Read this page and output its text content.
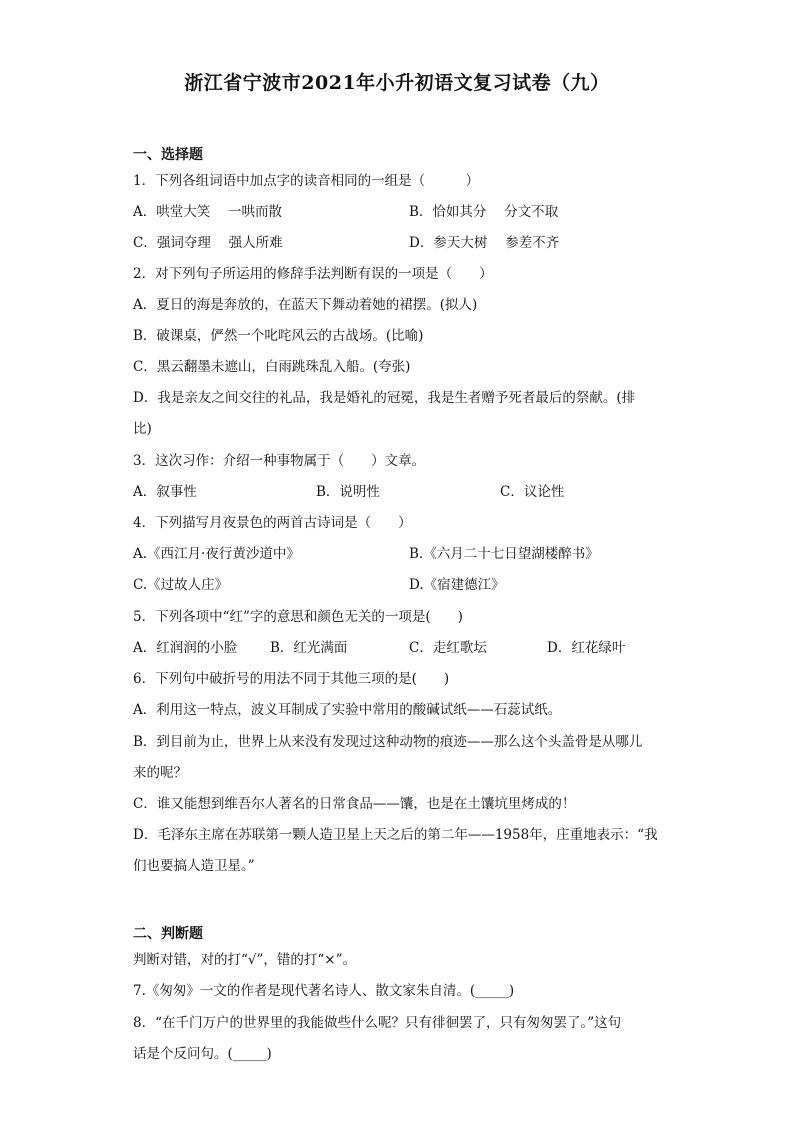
浙江省宁波市2021年小升初语文复习试卷（九）
一、选择题
1．下列各组词语中加点字的读音相同的一组是（　　　）
A．哄堂大笑　 一哄而散	B．恰如其分　 分文不取
C．强词夺理　 强人所难	D．参天大树　 参差不齐
2．对下列句子所运用的修辞手法判断有误的一项是（　　）
A．夏日的海是奔放的，在蓝天下舞动着她的裙摆。(拟人)
B．破课桌，俨然一个叱咤风云的古战场。(比喻)
C．黑云翻墨未遮山，白雨跳珠乱入船。(夸张)
D．我是亲友之间交往的礼品，我是婚礼的冠冕，我是生者赠予死者最后的祭献。(排
比)
3．这次习作：介绍一种事物属于（　　）文章。
A．叙事性	B．说明性	C．议论性
4．下列描写月夜景色的两首古诗词是（　　）
A.《西江月·夜行黄沙道中》	B.《六月二十七日望湖楼醉书》
C.《过故人庄》	D.《宿建德江》
5．下列各项中“红”字的意思和颜色无关的一项是(　　)
A．红润润的小脸 B．红光满面	C．走红歌坛	D．红花绿叶
6．下列句中破折号的用法不同于其他三项的是(　　)
A．利用这一特点，波义耳制成了实验中常用的酸碱试纸——石蕊试纸。
B．到目前为止，世界上从来没有发现过这种动物的痕迹——那么这个头盖骨是从哪儿
来的呢？
C．谁又能想到维吾尔人著名的日常食品——馕，也是在土馕坑里烤成的！
D．毛泽东主席在苏联第一颗人造卫星上天之后的第二年——1958年，庄重地表示：“我
们也要搞人造卫星。”
二、判断题
判断对错，对的打“√”，错的打“×”。
7.《匆匆》一文的作者是现代著名诗人、散文家朱自清。(_____)
8．“在千门万户的世界里的我能做些什么呢？只有徘徊罢了，只有匆匆罢了。”这句
话是个反问句。(_____)
